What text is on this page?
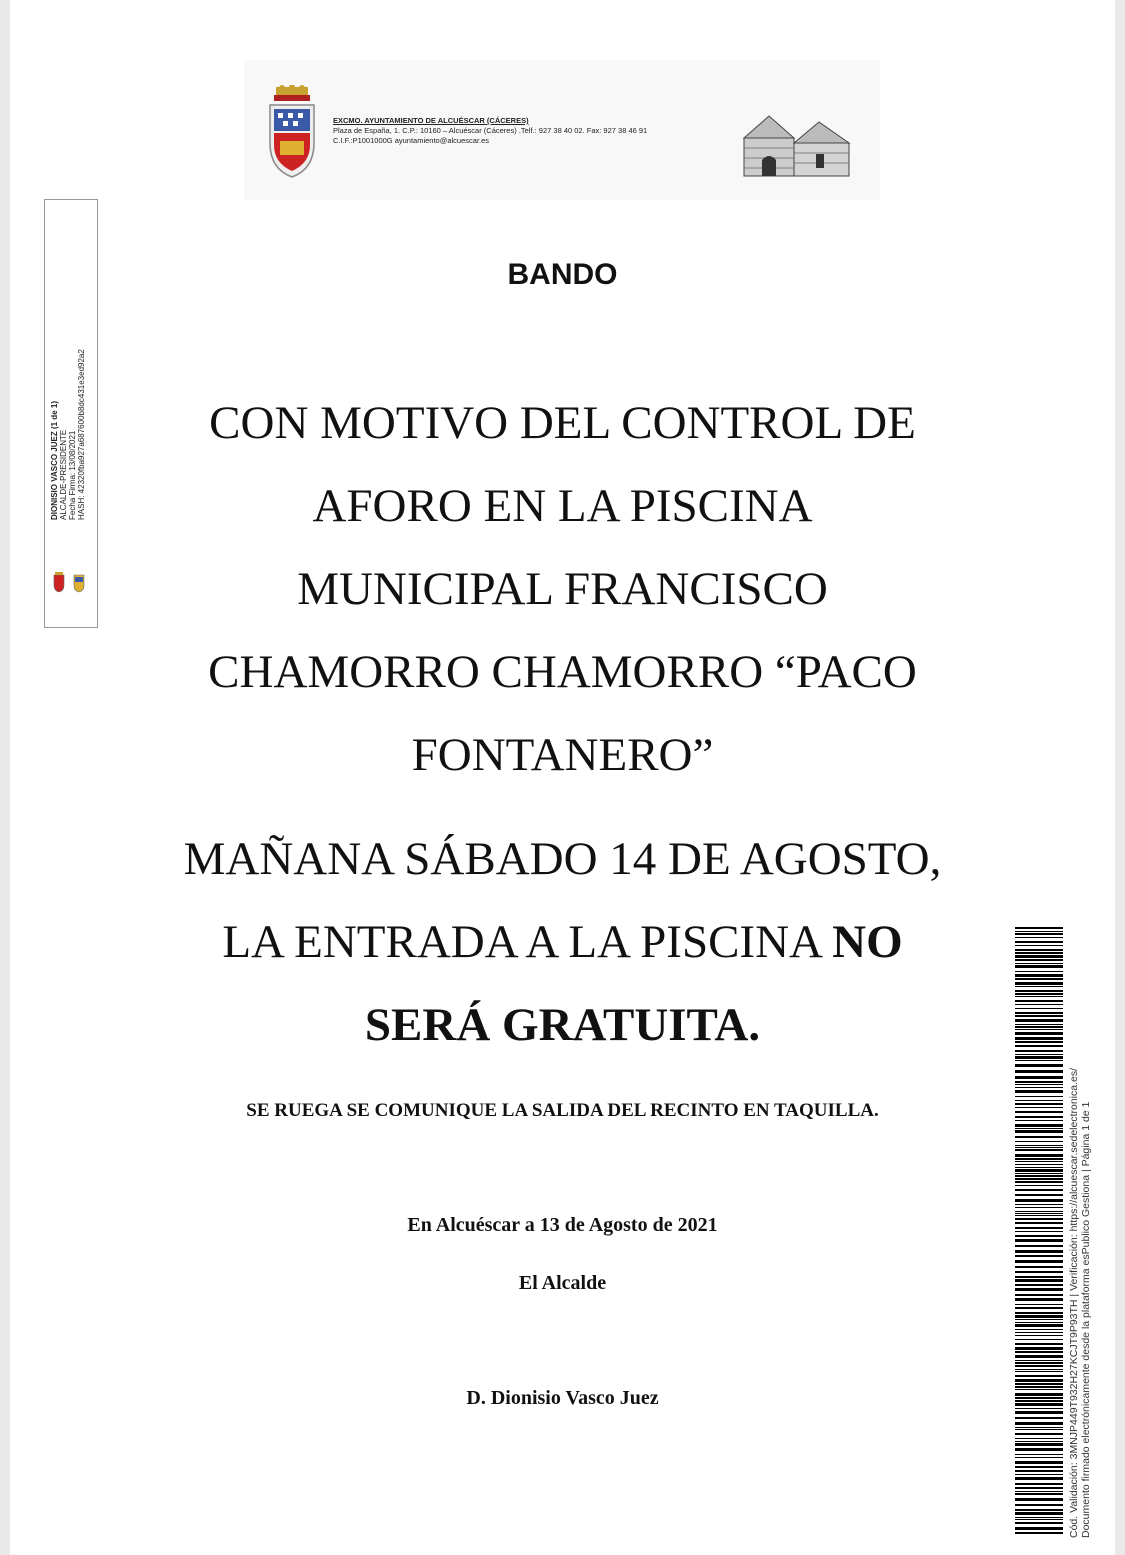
EXCMO. AYUNTAMIENTO DE ALCUÉSCAR (CÁCERES)
Plaza de España, 1. C.P.: 10160 – Alcuéscar (Cáceres) .Telf.: 927 38 40 02. Fax: 927 38 46 91
C.I.F.:P1001000G ayuntamiento@alcuescar.es
DIONISIO VASCO JUEZ (1 de 1) ALCALDE-PRESIDENTE Fecha Firma: 13/08/2021 HASH: 42320fba927a687600b8dc431e3ed92a2
BANDO
CON MOTIVO DEL CONTROL DE
AFORO EN LA PISCINA
MUNICIPAL FRANCISCO
CHAMORRO CHAMORRO “PACO
FONTANERO”
MAÑANA SÁBADO 14 DE AGOSTO,
LA ENTRADA A LA PISCINA NO
SERÁ GRATUITA.
SE RUEGA SE COMUNIQUE LA SALIDA DEL RECINTO EN TAQUILLA.
En Alcuéscar a 13 de Agosto de 2021
El Alcalde
D. Dionisio Vasco Juez	Cód. Validación: 3MNJP449T932H27KCJT9P93TH | Verificación: https://alcuescar.sedelectronica.es/ Documento firmado electrónicamente desde la plataforma esPublico Gestiona | Página 1 de 1
